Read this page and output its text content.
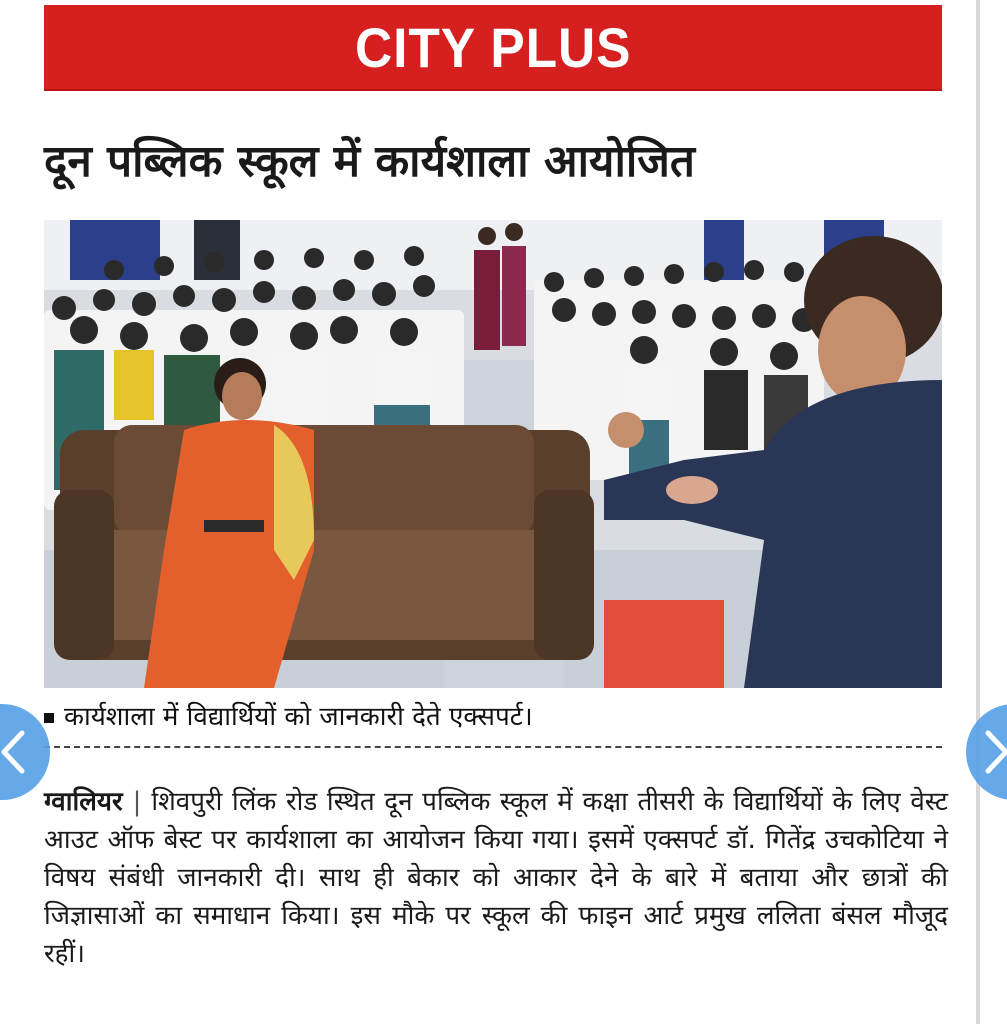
CITY PLUS
दून पब्लिक स्कूल में कार्यशाला आयोजित
कार्यशाला में विद्यार्थियों को जानकारी देते एक्सपर्ट।
ग्वालियर | शिवपुरी लिंक रोड स्थित दून पब्लिक स्कूल में कक्षा तीसरी के विद्यार्थियों के लिए वेस्ट आउट ऑफ बेस्ट पर कार्यशाला का आयोजन किया गया। इसमें एक्सपर्ट डॉ. गितेंद्र उचकोटिया ने विषय संबंधी जानकारी दी। साथ ही बेकार को आकार देने के बारे में बताया और छात्रों की जिज्ञासाओं का समाधान किया। इस मौके पर स्कूल की फाइन आर्ट प्रमुख ललिता बंसल मौजूद रहीं।
